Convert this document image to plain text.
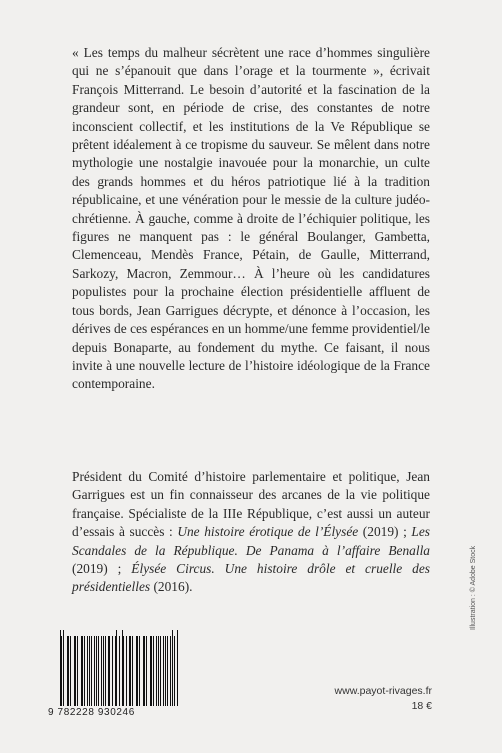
« Les temps du malheur sécrètent une race d’hommes singulière qui ne s’épanouit que dans l’orage et la tourmente », écrivait François Mitterrand. Le besoin d’autorité et la fascination de la grandeur sont, en période de crise, des constantes de notre inconscient collectif, et les institutions de la Ve République se prêtent idéalement à ce tropisme du sauveur. Se mêlent dans notre mythologie une nostalgie inavouée pour la monarchie, un culte des grands hommes et du héros patriotique lié à la tradition républicaine, et une vénération pour le messie de la culture judéo-chrétienne. À gauche, comme à droite de l’échiquier politique, les figures ne manquent pas : le général Boulanger, Gambetta, Clemenceau, Mendès France, Pétain, de Gaulle, Mitterrand, Sarkozy, Macron, Zemmour… À l’heure où les candidatures populistes pour la prochaine élection présidentielle affluent de tous bords, Jean Garrigues décrypte, et dénonce à l’occasion, les dérives de ces espérances en un homme/une femme providentiel/le depuis Bonaparte, au fondement du mythe. Ce faisant, il nous invite à une nouvelle lecture de l’histoire idéologique de la France contemporaine.

Président du Comité d’histoire parlementaire et politique, Jean Garrigues est un fin connaisseur des arcanes de la vie politique française. Spécialiste de la IIIe République, c’est aussi un auteur d’essais à succès : Une histoire érotique de l’Élysée (2019) ; Les Scandales de la République. De Panama à l’affaire Benalla (2019) ; Élysée Circus. Une histoire drôle et cruelle des présidentielles (2016).	Illustration : © Adobe Stock
9 782228 930246
www.payot-rivages.fr
18 €
